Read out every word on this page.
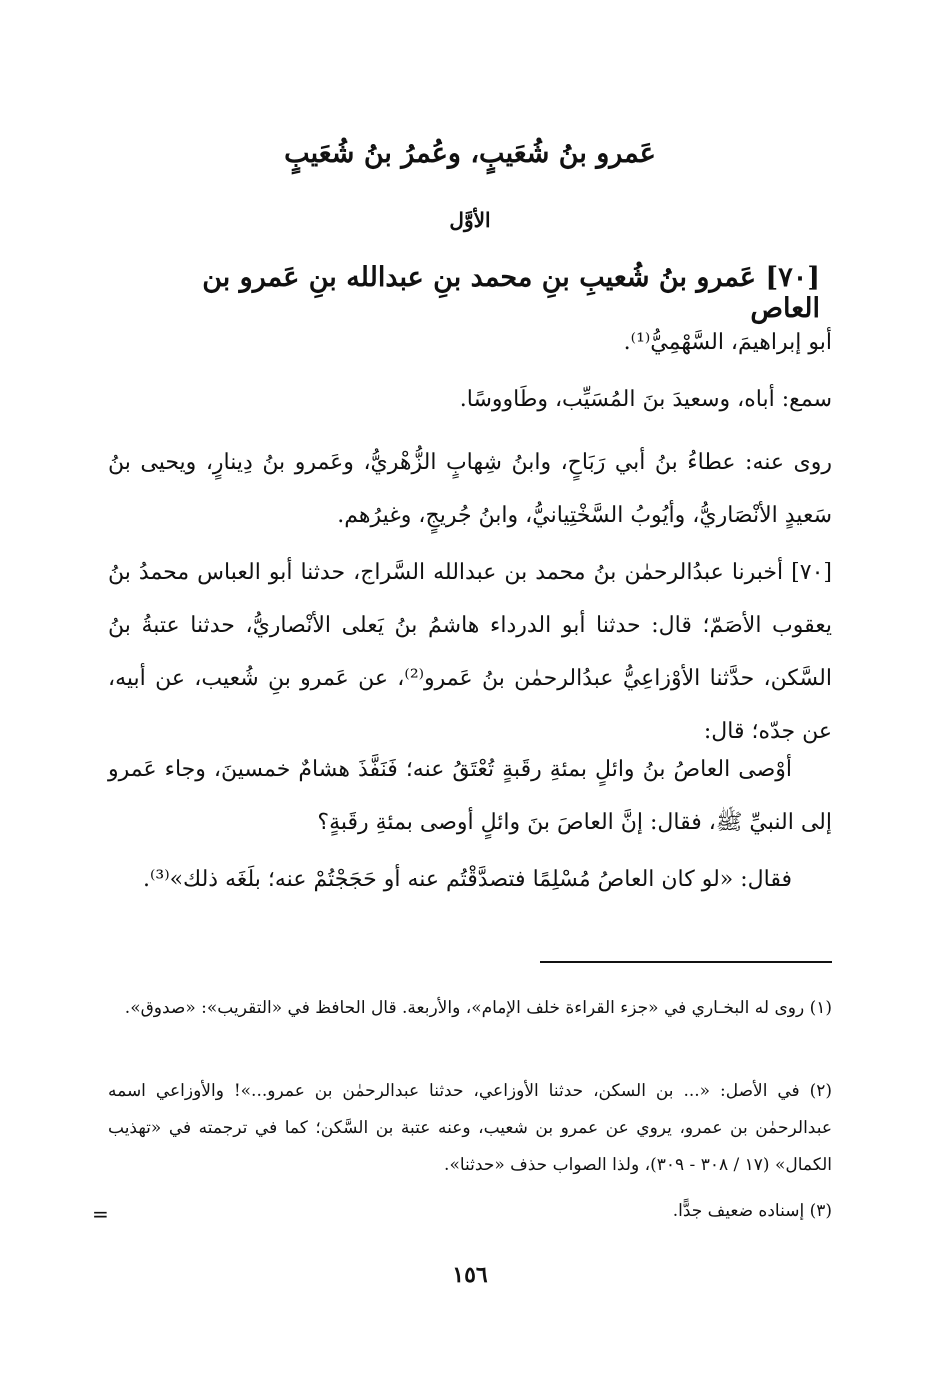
عَمرو بنُ شُعَيبٍ، وعُمرُ بنُ شُعَيبٍ
الأوَّل
[٧٠] عَمرو بنُ شُعيبِ بنِ محمد بنِ عبدالله بنِ عَمرو بن العاص
أبو إبراهيمَ، السَّهْمِيُّ⁽¹⁾.
سمع: أباه، وسعيدَ بنَ المُسَيِّب، وطَاووسًا.
روى عنه: عطاءُ بنُ أبي رَبَاحٍ، وابنُ شِهابٍ الزُّهْريُّ، وعَمرو بنُ دِينارٍ، ويحيى بنُ سَعيدٍ الأنْصَاريُّ، وأيُوبُ السَّخْتِيانيُّ، وابنُ جُريجٍ، وغيرُهم.
[٧٠] أخبرنا عبدُالرحمٰن بنُ محمد بن عبدالله السَّراج، حدثنا أبو العباس محمدُ بنُ يعقوب الأصَمّ؛ قال: حدثنا أبو الدرداء هاشمُ بنُ يَعلى الأنْصاريُّ، حدثنا عتبةُ بنُ السَّكن، حدَّثنا الأوْزاعِيُّ عبدُالرحمٰن بنُ عَمرو⁽²⁾، عن عَمرو بنِ شُعيب، عن أبيه، عن جدّه؛ قال:
أوْصى العاصُ بنُ وائلٍ بمئةِ رقَبةٍ تُعْتَقُ عنه؛ فَنَفَّذَ هشامٌ خمسينَ، وجاء عَمرو إلى النبيِّ ﷺ، فقال: إنَّ العاصَ بنَ وائلٍ أوصى بمئةِ رقَبةٍ؟
فقال: «لو كان العاصُ مُسْلِمًا فتصدَّقْتُم عنه أو حَجَجْتُمْ عنه؛ بلَغَه ذلك»⁽³⁾.
(١) روى له البخـاري في «جزء القراءة خلف الإمام»، والأربعة. قال الحافظ في «التقريب»: «صدوق».
(٢) في الأصل: «... بن السكن، حدثنا الأوزاعي، حدثنا عبدالرحمٰن بن عمرو...»! والأوزاعي اسمه عبدالرحمٰن بن عمرو، يروي عن عمرو بن شعيب، وعنه عتبة بن السَّكن؛ كما في ترجمته في «تهذيب الكمال» (١٧ / ٣٠٨ - ٣٠٩)، ولذا الصواب حذف «حدثنا».
(٣) إسناده ضعيف جدًّا.
=
١٥٦
